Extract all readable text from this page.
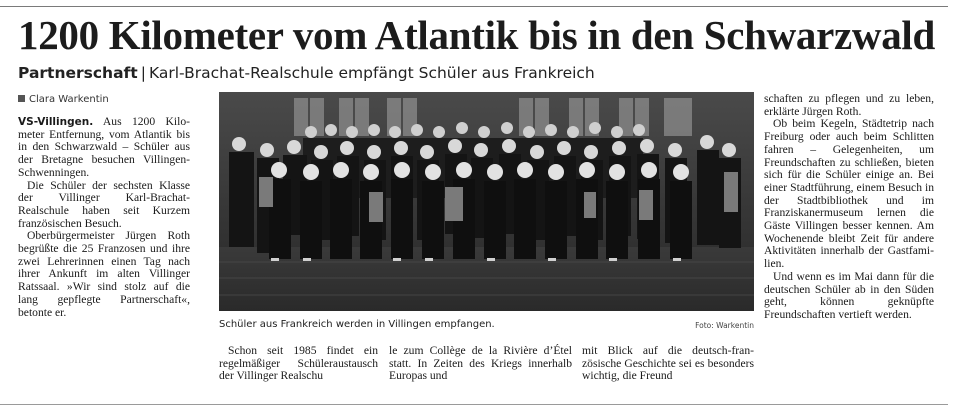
1200 Kilometer vom Atlantik bis in den Schwarzwald
Partnerschaft | Karl-Brachat-Realschule empfängt Schüler aus Frankreich
Clara Warkentin

VS-Villingen. Aus 1200 Kilometer Entfernung, vom Atlantik bis in den Schwarzwald – Schüler aus der Bretagne besuchen Villingen-Schwenningen.

Die Schüler der sechsten Klasse der Villinger Karl-Brachat-Realschule haben seit Kurzem französischen Besuch.

Oberbürgermeister Jürgen Roth begrüßte die 25 Franzosen und ihre zwei Lehrerinnen einen Tag nach ihrer Ankunft im alten Villinger Ratssaal. »Wir sind stolz auf die lang gepflegte Partnerschaft«, betonte er.

Schüler aus Frankreich werden in Villingen empfangen.	Foto: Warkentin

Schon seit 1985 findet ein regelmäßiger Schüleraustausch der Villinger Realschu

le zum Collège de la Rivière d’Étel statt. In Zeiten des Kriegs innerhalb Europas und

mit Blick auf die deutsch-französische Geschichte sei es besonders wichtig, die Freund

schaften zu pflegen und zu leben, erklärte Jürgen Roth.

Ob beim Kegeln, Städtetrip nach Freiburg oder auch beim Schlitten fahren – Gelegenheiten, um Freundschaften zu schließen, bieten sich für die Schüler einige an. Bei einer Stadtführung, einem Besuch in der Stadtbibliothek und im Franziskanermuseum lernen die Gäste Villingen besser kennen. Am Wochenende bleibt Zeit für andere Aktivitäten innerhalb der Gastfamilien.

Und wenn es im Mai dann für die deutschen Schüler ab in den Süden geht, können geknüpfte Freundschaften vertieft werden.
